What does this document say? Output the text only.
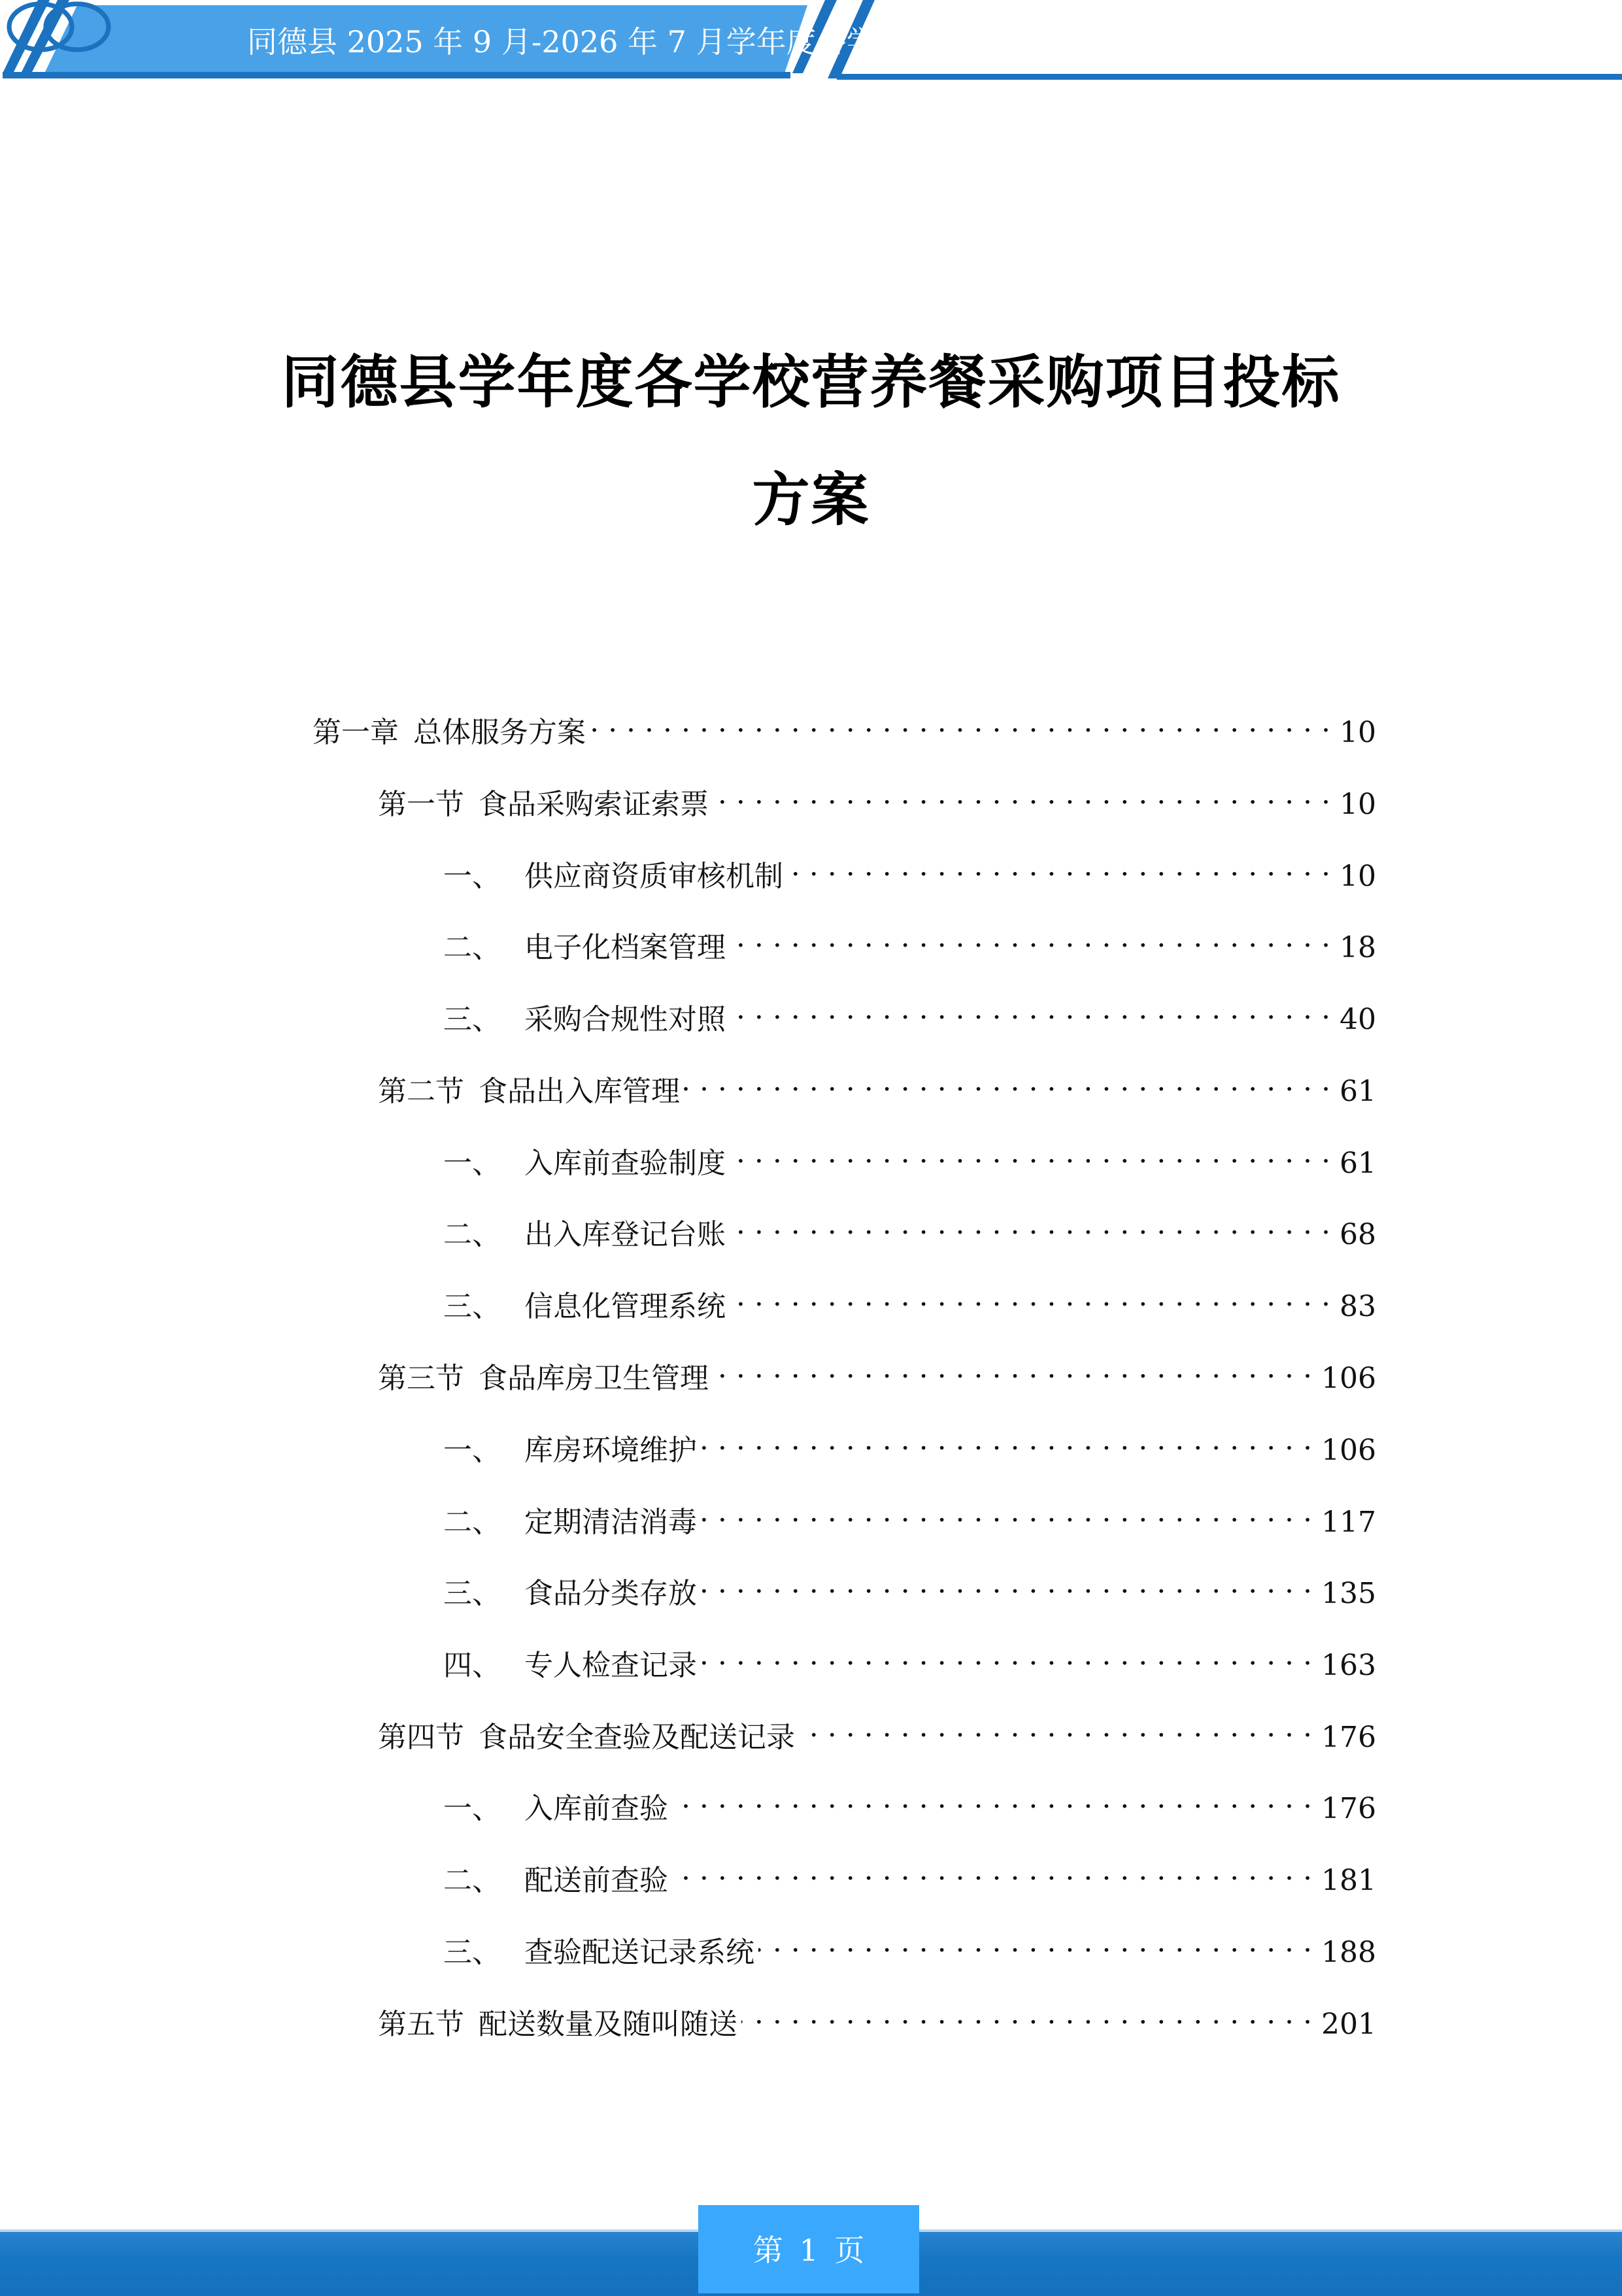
同德县 2025 年 9 月-2026 年 7 月学年度各学
同德县学年度各学校营养餐采购项目投标
方案
第一章 总体服务方案 . . .	10
第一节 食品采购索证索票 . . .	10
一、 供应商资质审核机制 . . .	10
二、 电子化档案管理 . . .	18
三、 采购合规性对照 . . .	40
第二节 食品出入库管理 . . .	61
一、 入库前查验制度 . . .	61
二、 出入库登记台账 . . .	68
三、 信息化管理系统 . . .	83
第三节 食品库房卫生管理 . . .	106
一、 库房环境维护 . . .	106
二、 定期清洁消毒 . . .	117
三、 食品分类存放 . . .	135
四、 专人检查记录 . . .	163
第四节 食品安全查验及配送记录 . . .	176
一、 入库前查验 . . .	176
二、 配送前查验 . . .	181
三、 查验配送记录系统 . . .	188
第五节 配送数量及随叫随送 . . .	201
第 1 页
